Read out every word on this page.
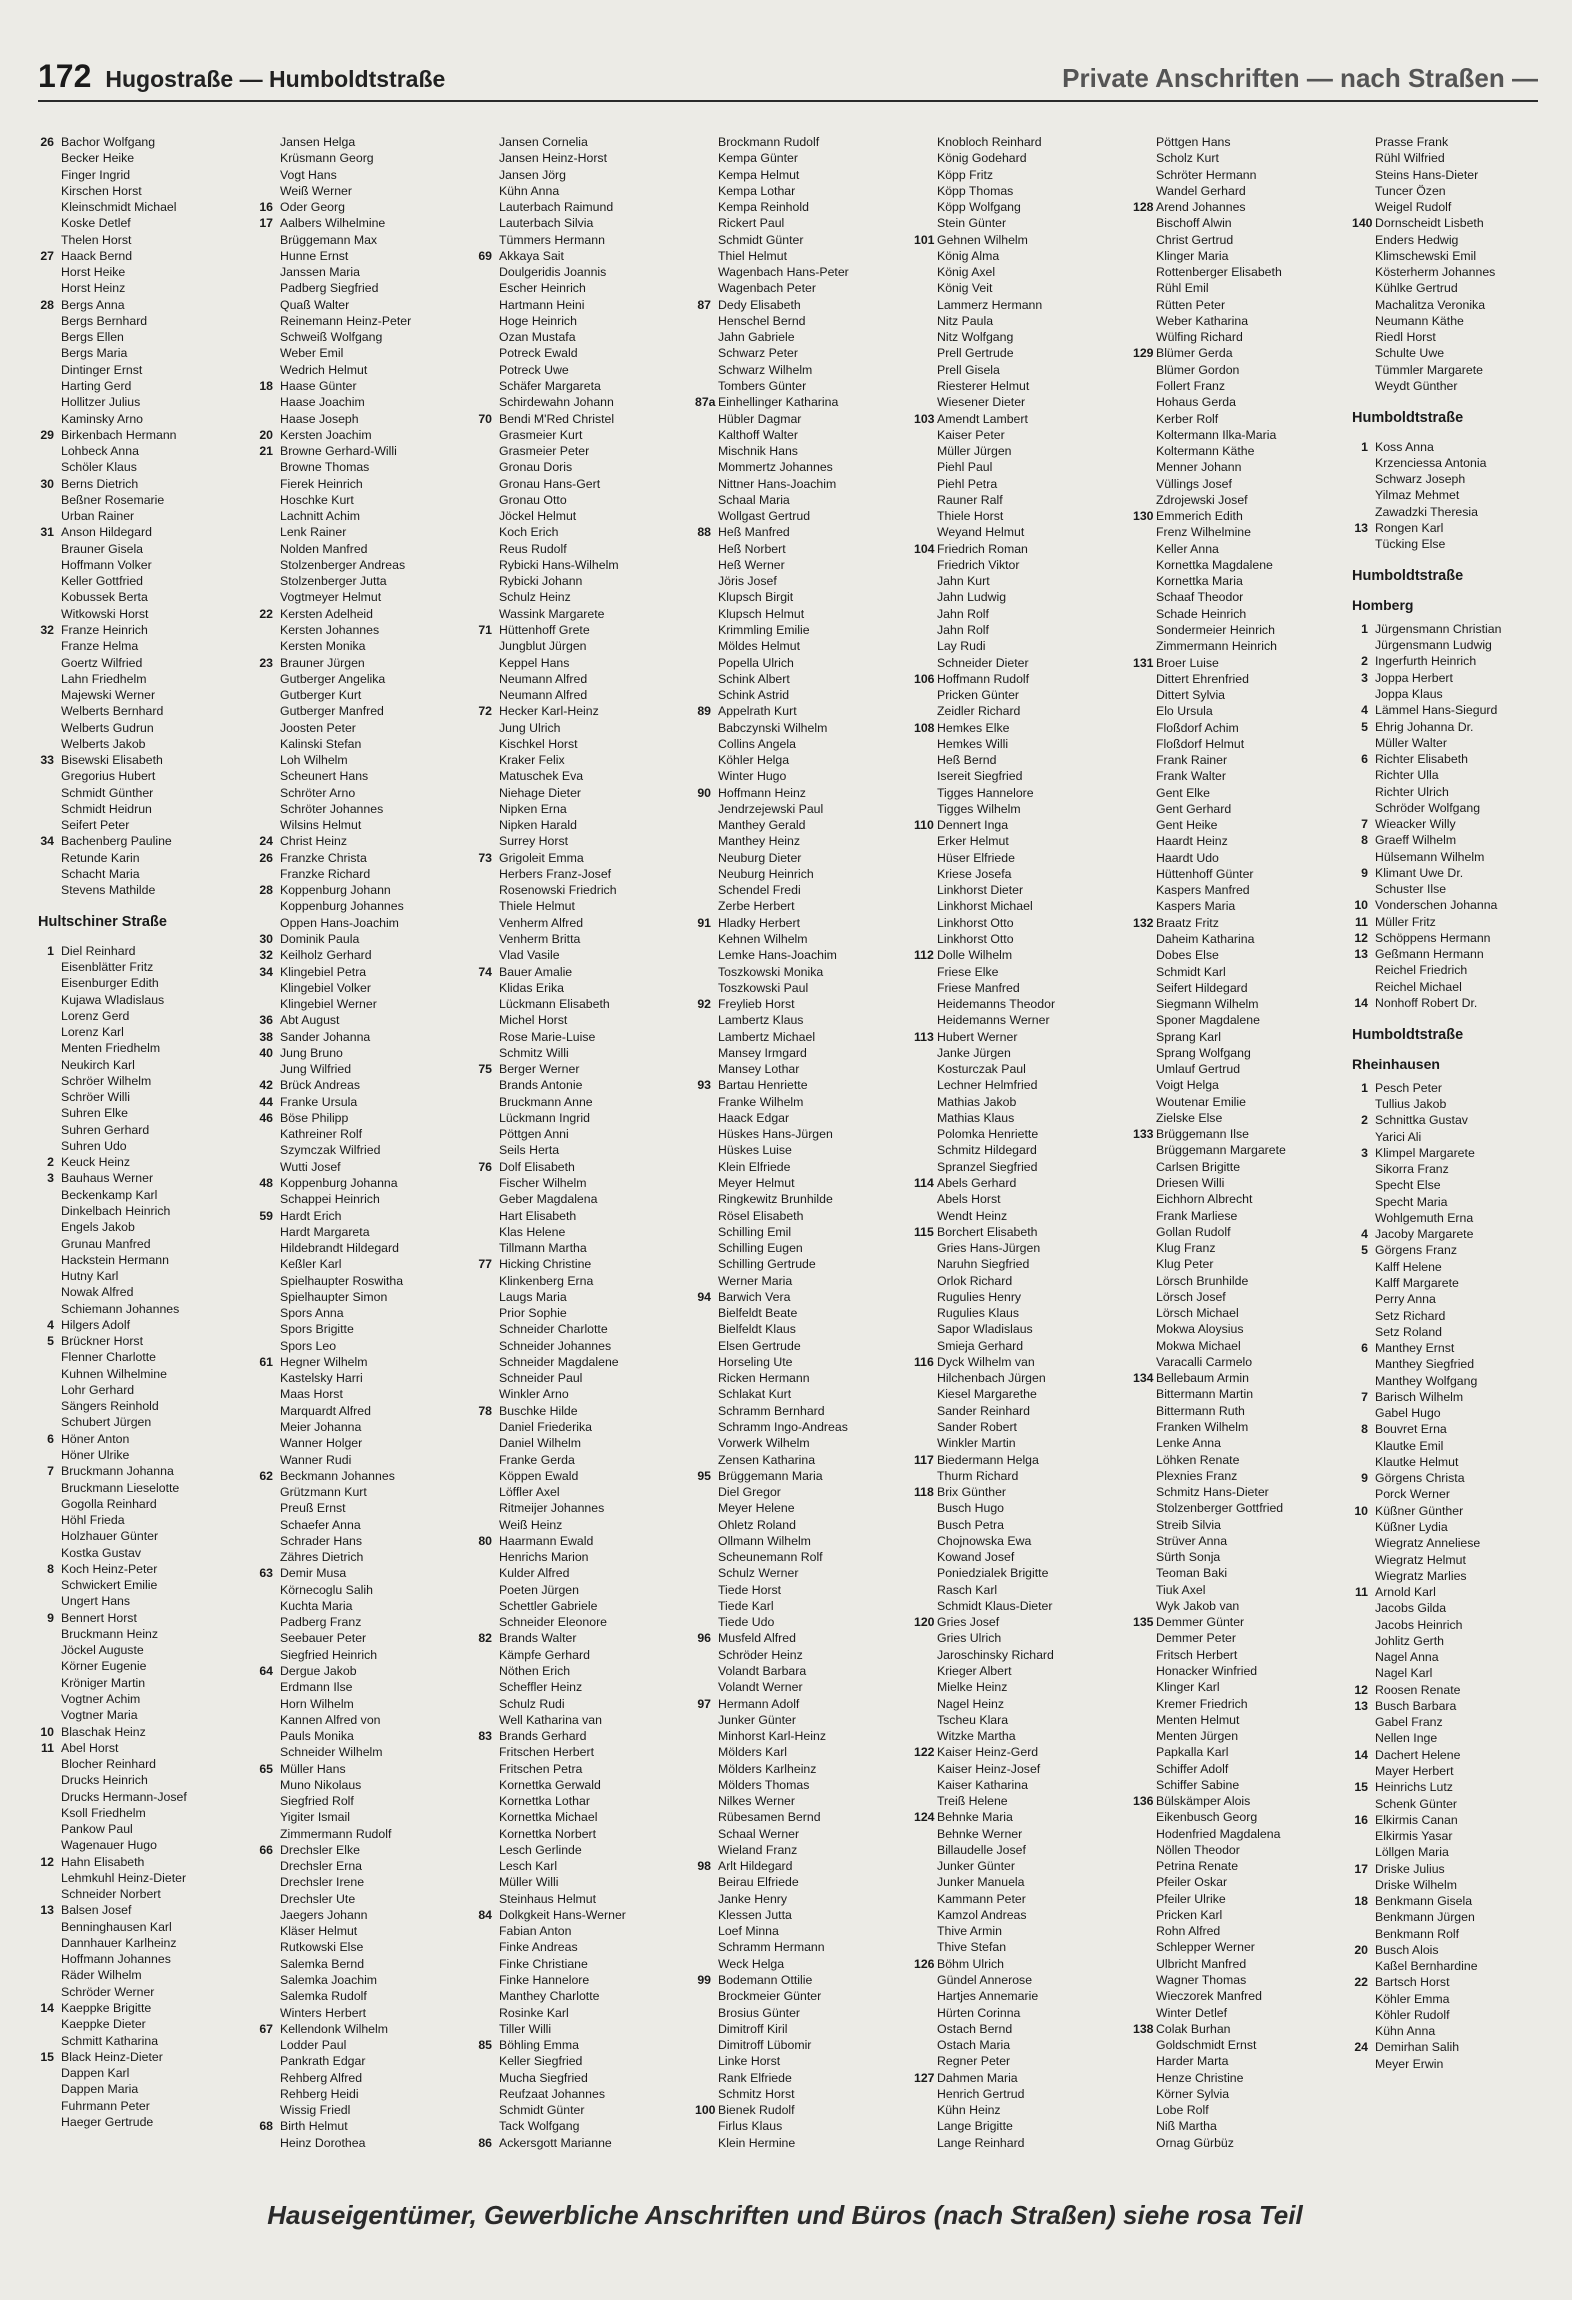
172 Hugostraße — Humboldtstraße	Private Anschriften — nach Straßen —
26 Bachor Wolfgang
Becker Heike
Finger Ingrid
Kirschen Horst
Kleinschmidt Michael
Koske Detlef
Thelen Horst
27 Haack Bernd
Horst Heike
Horst Heinz
28 Bergs Anna
Bergs Bernhard
Bergs Ellen
Bergs Maria
Dintinger Ernst
Harting Gerd
Hollitzer Julius
Kaminsky Arno
29 Birkenbach Hermann
Lohbeck Anna
Schöler Klaus
30 Berns Dietrich
Beßner Rosemarie
Urban Rainer
31 Anson Hildegard
Brauner Gisela
Hoffmann Volker
Keller Gottfried
Kobussek Berta
Witkowski Horst
32 Franze Heinrich
Franze Helma
Goertz Wilfried
Lahn Friedhelm
Majewski Werner
Welberts Bernhard
Welberts Gudrun
Welberts Jakob
33 Bisewski Elisabeth
Gregorius Hubert
Schmidt Günther
Schmidt Heidrun
Seifert Peter
34 Bachenberg Pauline
Retunde Karin
Schacht Maria
Stevens Mathilde
Hultschiner Straße
1 Diel Reinhard
Eisenblätter Fritz
Eisenburger Edith
Kujawa Wladislaus
Lorenz Gerd
Lorenz Karl
Menten Friedhelm
Neukirch Karl
Schröer Wilhelm
Schröer Willi
Suhren Elke
Suhren Gerhard
Suhren Udo
2 Keuck Heinz
3 Bauhaus Werner
Beckenkamp Karl
Dinkelbach Heinrich
Engels Jakob
Grunau Manfred
Hackstein Hermann
Hutny Karl
Nowak Alfred
Schiemann Johannes
4 Hilgers Adolf
5 Brückner Horst
Flenner Charlotte
Kuhnen Wilhelmine
Lohr Gerhard
Sängers Reinhold
Schubert Jürgen
6 Höner Anton
Höner Ulrike
7 Bruckmann Johanna
Bruckmann Lieselotte
Gogolla Reinhard
Höhl Frieda
Holzhauer Günter
Kostka Gustav
8 Koch Heinz-Peter
Schwickert Emilie
Ungert Hans
9 Bennert Horst
Bruckmann Heinz
Jöckel Auguste
Körner Eugenie
Kröniger Martin
Vogtner Achim
Vogtner Maria
10 Blaschak Heinz
11 Abel Horst
Blocher Reinhard
Drucks Heinrich
Drucks Hermann-Josef
Ksoll Friedhelm
Pankow Paul
Wagenauer Hugo
12 Hahn Elisabeth
Lehmkuhl Heinz-Dieter
Schneider Norbert
13 Balsen Josef
Benninghausen Karl
Dannhauer Karlheinz
Hoffmann Johannes
Räder Wilhelm
Schröder Werner
14 Kaeppke Brigitte
Kaeppke Dieter
Schmitt Katharina
15 Black Heinz-Dieter
Dappen Karl
Dappen Maria
Fuhrmann Peter
Haeger Gertrude
Jansen Helga
Krüsmann Georg
Vogt Hans
Weiß Werner
16 Oder Georg
17 Aalbers Wilhelmine
Brüggemann Max
Hunne Ernst
Janssen Maria
Padberg Siegfried
Quaß Walter
Reinemann Heinz-Peter
Schweiß Wolfgang
Weber Emil
Wedrich Helmut
18 Haase Günter
Haase Joachim
Haase Joseph
20 Kersten Joachim
21 Browne Gerhard-Willi
Browne Thomas
Fierek Heinrich
Hoschke Kurt
Lachnitt Achim
Lenk Rainer
Nolden Manfred
Stolzenberger Andreas
Stolzenberger Jutta
Vogtmeyer Helmut
22 Kersten Adelheid
Kersten Johannes
Kersten Monika
23 Brauner Jürgen
Gutberger Angelika
Gutberger Kurt
Gutberger Manfred
Joosten Peter
Kalinski Stefan
Loh Wilhelm
Scheunert Hans
Schröter Arno
Schröter Johannes
Wilsins Helmut
24 Christ Heinz
26 Franzke Christa
Franzke Richard
28 Koppenburg Johann
Koppenburg Johannes
Oppen Hans-Joachim
30 Dominik Paula
32 Keilholz Gerhard
34 Klingebiel Petra
Klingebiel Volker
Klingebiel Werner
36 Abt August
38 Sander Johanna
40 Jung Bruno
Jung Wilfried
42 Brück Andreas
44 Franke Ursula
46 Böse Philipp
Kathreiner Rolf
Szymczak Wilfried
Wutti Josef
48 Koppenburg Johanna
Schappei Heinrich
59 Hardt Erich
Hardt Margareta
Hildebrandt Hildegard
Keßler Karl
Spielhaupter Roswitha
Spielhaupter Simon
Spors Anna
Spors Brigitte
Spors Leo
61 Hegner Wilhelm
Kastelsky Harri
Maas Horst
Marquardt Alfred
Meier Johanna
Wanner Holger
Wanner Rudi
62 Beckmann Johannes
Grützmann Kurt
Preuß Ernst
Schaefer Anna
Schrader Hans
Zähres Dietrich
63 Demir Musa
Körnecoglu Salih
Kuchta Maria
Padberg Franz
Seebauer Peter
Siegfried Heinrich
64 Dergue Jakob
Erdmann Ilse
Horn Wilhelm
Kannen Alfred von
Pauls Monika
Schneider Wilhelm
65 Müller Hans
Muno Nikolaus
Siegfried Rolf
Yigiter Ismail
Zimmermann Rudolf
66 Drechsler Elke
Drechsler Erna
Drechsler Irene
Drechsler Ute
Jaegers Johann
Kläser Helmut
Rutkowski Else
Salemka Bernd
Salemka Joachim
Salemka Rudolf
Winters Herbert
67 Kellendonk Wilhelm
Lodder Paul
Pankrath Edgar
Rehberg Alfred
Rehberg Heidi
Wissig Friedl
68 Birth Helmut
Heinz Dorothea
Jansen Cornelia
Jansen Heinz-Horst
Jansen Jörg
Kühn Anna
Lauterbach Raimund
Lauterbach Silvia
Tümmers Hermann
69 Akkaya Sait
Doulgeridis Joannis
Escher Heinrich
Hartmann Heini
Hoge Heinrich
Ozan Mustafa
Potreck Ewald
Potreck Uwe
Schäfer Margareta
Schirdewahn Johann
70 Bendi M'Red Christel
Grasmeier Kurt
Grasmeier Peter
Gronau Doris
Gronau Hans-Gert
Gronau Otto
Jöckel Helmut
Koch Erich
Reus Rudolf
Rybicki Hans-Wilhelm
Rybicki Johann
Schulz Heinz
Wassink Margarete
71 Hüttenhoff Grete
Jungblut Jürgen
Keppel Hans
Neumann Alfred
Neumann Alfred
72 Hecker Karl-Heinz
Jung Ulrich
Kischkel Horst
Kraker Felix
Matuschek Eva
Niehage Dieter
Nipken Erna
Nipken Harald
Surrey Horst
73 Grigoleit Emma
Herbers Franz-Josef
Rosenowski Friedrich
Thiele Helmut
Venherm Alfred
Venherm Britta
Vlad Vasile
74 Bauer Amalie
Klidas Erika
Lückmann Elisabeth
Michel Horst
Rose Marie-Luise
Schmitz Willi
75 Berger Werner
Brands Antonie
Bruckmann Anne
Lückmann Ingrid
Pöttgen Anni
Seils Herta
76 Dolf Elisabeth
Fischer Wilhelm
Geber Magdalena
Hart Elisabeth
Klas Helene
Tillmann Martha
77 Hicking Christine
Klinkenberg Erna
Laugs Maria
Prior Sophie
Schneider Charlotte
Schneider Johannes
Schneider Magdalene
Schneider Paul
Winkler Arno
78 Buschke Hilde
Daniel Friederika
Daniel Wilhelm
Franke Gerda
Köppen Ewald
Löffler Axel
Ritmeijer Johannes
Weiß Heinz
80 Haarmann Ewald
Henrichs Marion
Kulder Alfred
Poeten Jürgen
Schettler Gabriele
Schneider Eleonore
82 Brands Walter
Kämpfe Gerhard
Nöthen Erich
Scheffler Heinz
Schulz Rudi
Well Katharina van
83 Brands Gerhard
Fritschen Herbert
Fritschen Petra
Kornettka Gerwald
Kornettka Lothar
Kornettka Michael
Kornettka Norbert
Lesch Gerlinde
Lesch Karl
Müller Willi
Steinhaus Helmut
84 Dolkgkeit Hans-Werner
Fabian Anton
Finke Andreas
Finke Christiane
Finke Hannelore
Manthey Charlotte
Rosinke Karl
Tiller Willi
85 Böhling Emma
Keller Siegfried
Mucha Siegfried
Reufzaat Johannes
Schmidt Günter
Tack Wolfgang
86 Ackersgott Marianne
Brockmann Rudolf
Kempa Günter
Kempa Helmut
Kempa Lothar
Kempa Reinhold
Rickert Paul
Schmidt Günter
Thiel Helmut
Wagenbach Hans-Peter
Wagenbach Peter
87 Dedy Elisabeth
Henschel Bernd
Jahn Gabriele
Schwarz Peter
Schwarz Wilhelm
Tombers Günter
87a Einhellinger Katharina
Hübler Dagmar
Kalthoff Walter
Mischnik Hans
Mommertz Johannes
Nittner Hans-Joachim
Schaal Maria
Wollgast Gertrud
88 Heß Manfred
Heß Norbert
Heß Werner
Jöris Josef
Klupsch Birgit
Klupsch Helmut
Krimmling Emilie
Möldes Helmut
Popella Ulrich
Schink Albert
Schink Astrid
89 Appelrath Kurt
Babczynski Wilhelm
Collins Angela
Köhler Helga
Winter Hugo
90 Hoffmann Heinz
Jendrzejewski Paul
Manthey Gerald
Manthey Heinz
Neuburg Dieter
Neuburg Heinrich
Schendel Fredi
Zerbe Herbert
91 Hladky Herbert
Kehnen Wilhelm
Lemke Hans-Joachim
Toszkowski Monika
Toszkowski Paul
92 Freylieb Horst
Lambertz Klaus
Lambertz Michael
Mansey Irmgard
Mansey Lothar
93 Bartau Henriette
Franke Wilhelm
Haack Edgar
Hüskes Hans-Jürgen
Hüskes Luise
Klein Elfriede
Meyer Helmut
Ringkewitz Brunhilde
Rösel Elisabeth
Schilling Emil
Schilling Eugen
Schilling Gertrude
Werner Maria
94 Barwich Vera
Bielfeldt Beate
Bielfeldt Klaus
Elsen Gertrude
Horseling Ute
Ricken Hermann
Schlakat Kurt
Schramm Bernhard
Schramm Ingo-Andreas
Vorwerk Wilhelm
Zensen Katharina
95 Brüggemann Maria
Diel Gregor
Meyer Helene
Ohletz Roland
Ollmann Wilhelm
Scheunemann Rolf
Schulz Werner
Tiede Horst
Tiede Karl
Tiede Udo
96 Musfeld Alfred
Schröder Heinz
Volandt Barbara
Volandt Werner
97 Hermann Adolf
Junker Günter
Minhorst Karl-Heinz
Mölders Karl
Mölders Karlheinz
Mölders Thomas
Nilkes Werner
Rübesamen Bernd
Schaal Werner
Wieland Franz
98 Arlt Hildegard
Beirau Elfriede
Janke Henry
Klessen Jutta
Loef Minna
Schramm Hermann
Weck Helga
99 Bodemann Ottilie
Brockmeier Günter
Brosius Günter
Dimitroff Kiril
Dimitroff Lübomir
Linke Horst
Rank Elfriede
Schmitz Horst
100 Bienek Rudolf
Firlus Klaus
Klein Hermine
Knobloch Reinhard
König Godehard
Köpp Fritz
Köpp Thomas
Köpp Wolfgang
Stein Günter
101 Gehnen Wilhelm
König Alma
König Axel
König Veit
Lammerz Hermann
Nitz Paula
Nitz Wolfgang
Prell Gertrude
Prell Gisela
Riesterer Helmut
Wiesener Dieter
103 Amendt Lambert
Kaiser Peter
Müller Jürgen
Piehl Paul
Piehl Petra
Rauner Ralf
Thiele Horst
Weyand Helmut
104 Friedrich Roman
Friedrich Viktor
Jahn Kurt
Jahn Ludwig
Jahn Rolf
Jahn Rolf
Lay Rudi
Schneider Dieter
106 Hoffmann Rudolf
Pricken Günter
Zeidler Richard
108 Hemkes Elke
Hemkes Willi
Heß Bernd
Isereit Siegfried
Tigges Hannelore
Tigges Wilhelm
110 Dennert Inga
Erker Helmut
Hüser Elfriede
Kriese Josefa
Linkhorst Dieter
Linkhorst Michael
Linkhorst Otto
Linkhorst Otto
112 Dolle Wilhelm
Friese Elke
Friese Manfred
Heidemanns Theodor
Heidemanns Werner
113 Hubert Werner
Janke Jürgen
Kosturczak Paul
Lechner Helmfried
Mathias Jakob
Mathias Klaus
Polomka Henriette
Schmitz Hildegard
Spranzel Siegfried
114 Abels Gerhard
Abels Horst
Wendt Heinz
115 Borchert Elisabeth
Gries Hans-Jürgen
Naruhn Siegfried
Orlok Richard
Rugulies Henry
Rugulies Klaus
Sapor Wladislaus
Smieja Gerhard
116 Dyck Wilhelm van
Hilchenbach Jürgen
Kiesel Margarethe
Sander Reinhard
Sander Robert
Winkler Martin
117 Biedermann Helga
Thurm Richard
118 Brix Günther
Busch Hugo
Busch Petra
Chojnowska Ewa
Kowand Josef
Poniedzialek Brigitte
Rasch Karl
Schmidt Klaus-Dieter
120 Gries Josef
Gries Ulrich
Jaroschinsky Richard
Krieger Albert
Mielke Heinz
Nagel Heinz
Tscheu Klara
Witzke Martha
122 Kaiser Heinz-Gerd
Kaiser Heinz-Josef
Kaiser Katharina
Treiß Helene
124 Behnke Maria
Behnke Werner
Billaudelle Josef
Junker Günter
Junker Manuela
Kammann Peter
Kamzol Andreas
Thive Armin
Thive Stefan
126 Böhm Ulrich
Gündel Annerose
Hartjes Annemarie
Hürten Corinna
Ostach Bernd
Ostach Maria
Regner Peter
127 Dahmen Maria
Henrich Gertrud
Kühn Heinz
Lange Brigitte
Lange Reinhard
Pöttgen Hans
Scholz Kurt
Schröter Hermann
Wandel Gerhard
128 Arend Johannes
Bischoff Alwin
Christ Gertrud
Klinger Maria
Rottenberger Elisabeth
Rühl Emil
Rütten Peter
Weber Katharina
Wülfing Richard
129 Blümer Gerda
Blümer Gordon
Follert Franz
Hohaus Gerda
Kerber Rolf
Koltermann Ilka-Maria
Koltermann Käthe
Menner Johann
Vüllings Josef
Zdrojewski Josef
130 Emmerich Edith
Frenz Wilhelmine
Keller Anna
Kornettka Magdalene
Kornettka Maria
Schaaf Theodor
Schade Heinrich
Sondermeier Heinrich
Zimmermann Heinrich
131 Broer Luise
Dittert Ehrenfried
Dittert Sylvia
Elo Ursula
Floßdorf Achim
Floßdorf Helmut
Frank Rainer
Frank Walter
Gent Elke
Gent Gerhard
Gent Heike
Haardt Heinz
Haardt Udo
Hüttenhoff Günter
Kaspers Manfred
Kaspers Maria
132 Braatz Fritz
Daheim Katharina
Dobes Else
Schmidt Karl
Seifert Hildegard
Siegmann Wilhelm
Sponer Magdalene
Sprang Karl
Sprang Wolfgang
Umlauf Gertrud
Voigt Helga
Woutenar Emilie
Zielske Else
133 Brüggemann Ilse
Brüggemann Margarete
Carlsen Brigitte
Driesen Willi
Eichhorn Albrecht
Frank Marliese
Gollan Rudolf
Klug Franz
Klug Peter
Lörsch Brunhilde
Lörsch Josef
Lörsch Michael
Mokwa Aloysius
Mokwa Michael
Varacalli Carmelo
134 Bellebaum Armin
Bittermann Martin
Bittermann Ruth
Franken Wilhelm
Lenke Anna
Löhken Renate
Plexnies Franz
Schmitz Hans-Dieter
Stolzenberger Gottfried
Streib Silvia
Strüver Anna
Sürth Sonja
Teoman Baki
Tiuk Axel
Wyk Jakob van
135 Demmer Günter
Demmer Peter
Fritsch Herbert
Honacker Winfried
Klinger Karl
Kremer Friedrich
Menten Helmut
Menten Jürgen
Papkalla Karl
Schiffer Adolf
Schiffer Sabine
136 Bülskämper Alois
Eikenbusch Georg
Hodenfried Magdalena
Nöllen Theodor
Petrina Renate
Pfeiler Oskar
Pfeiler Ulrike
Pricken Karl
Rohn Alfred
Schlepper Werner
Ulbricht Manfred
Wagner Thomas
Wieczorek Manfred
Winter Detlef
138 Colak Burhan
Goldschmidt Ernst
Harder Marta
Henze Christine
Körner Sylvia
Lobe Rolf
Niß Martha
Ornag Gürbüz
Prasse Frank
Rühl Wilfried
Steins Hans-Dieter
Tuncer Özen
Weigel Rudolf
140 Dornscheidt Lisbeth
Enders Hedwig
Klimschewski Emil
Kösterherm Johannes
Kühlke Gertrud
Machalitza Veronika
Neumann Käthe
Riedl Horst
Schulte Uwe
Tümmler Margarete
Weydt Günther
Humboldtstraße
1 Koss Anna
Krzenciessa Antonia
Schwarz Joseph
Yilmaz Mehmet
Zawadzki Theresia
13 Rongen Karl
Tücking Else
Humboldtstraße
Homberg
1 Jürgensmann Christian
Jürgensmann Ludwig
2 Ingerfurth Heinrich
3 Joppa Herbert
Joppa Klaus
4 Lämmel Hans-Siegurd
5 Ehrig Johanna Dr.
Müller Walter
6 Richter Elisabeth
Richter Ulla
Richter Ulrich
Schröder Wolfgang
7 Wieacker Willy
8 Graeff Wilhelm
Hülsemann Wilhelm
9 Klimant Uwe Dr.
Schuster Ilse
10 Vonderschen Johanna
11 Müller Fritz
12 Schöppens Hermann
13 Geßmann Hermann
Reichel Friedrich
Reichel Michael
14 Nonhoff Robert Dr.
Humboldtstraße
Rheinhausen
1 Pesch Peter
Tullius Jakob
2 Schnittka Gustav
Yarici Ali
3 Klimpel Margarete
Sikorra Franz
Specht Else
Specht Maria
Wohlgemuth Erna
4 Jacoby Margarete
5 Görgens Franz
Kalff Helene
Kalff Margarete
Perry Anna
Setz Richard
Setz Roland
6 Manthey Ernst
Manthey Siegfried
Manthey Wolfgang
7 Barisch Wilhelm
Gabel Hugo
8 Bouvret Erna
Klautke Emil
Klautke Helmut
9 Görgens Christa
Porck Werner
10 Küßner Günther
Küßner Lydia
Wiegratz Anneliese
Wiegratz Helmut
Wiegratz Marlies
11 Arnold Karl
Jacobs Gilda
Jacobs Heinrich
Johlitz Gerth
Nagel Anna
Nagel Karl
12 Roosen Renate
13 Busch Barbara
Gabel Franz
Nellen Inge
14 Dachert Helene
Mayer Herbert
15 Heinrichs Lutz
Schenk Günter
16 Elkirmis Canan
Elkirmis Yasar
Löllgen Maria
17 Driske Julius
Driske Wilhelm
18 Benkmann Gisela
Benkmann Jürgen
Benkmann Rolf
20 Busch Alois
Kaßel Bernhardine
22 Bartsch Horst
Köhler Emma
Köhler Rudolf
Kühn Anna
24 Demirhan Salih
Meyer Erwin
Hauseigentümer, Gewerbliche Anschriften und Büros (nach Straßen) siehe rosa Teil
